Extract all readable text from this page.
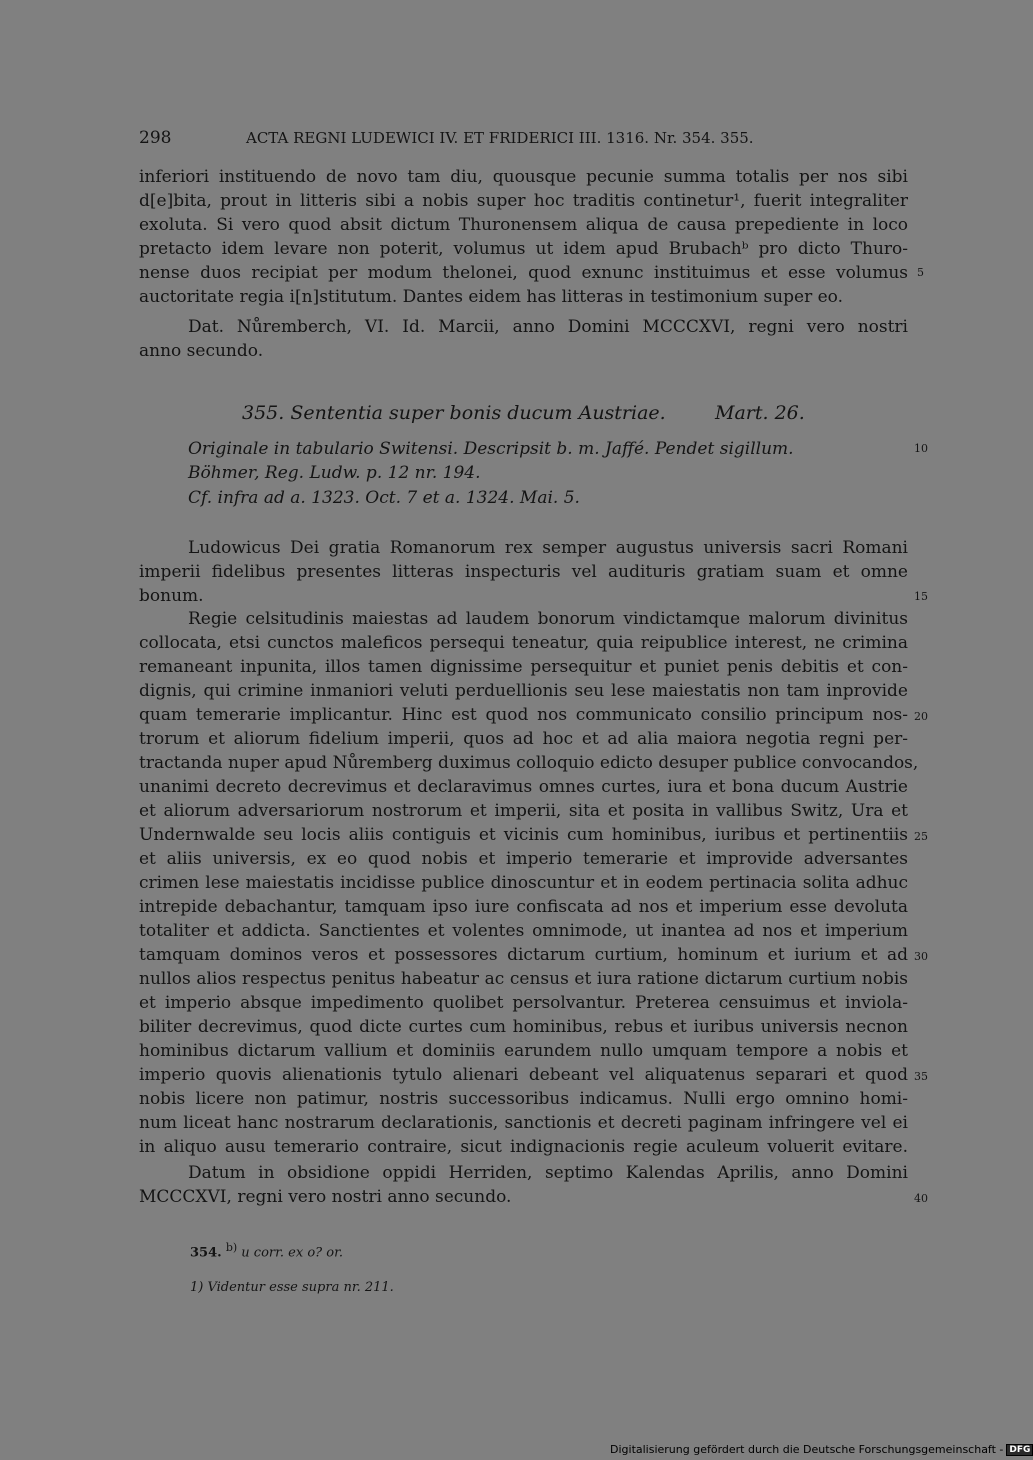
298	ACTA REGNI LUDEWICI IV. ET FRIDERICI III. 1316. Nr. 354. 355.
inferiori instituendo de novo tam diu, quousque pecunie summa totalis per nos sibi
d[e]bita, prout in litteris sibi a nobis super hoc traditis continetur¹, fuerit integraliter
exoluta. Si vero quod absit dictum Thuronensem aliqua de causa prepediente in loco
pretacto idem levare non poterit, volumus ut idem apud Brubachᵇ pro dicto Thuro-
nense duos recipiat per modum thelonei, quod exnunc instituimus et esse volumus
auctoritate regia i[n]stitutum. Dantes eidem has litteras in testimonium super eo.
Dat. Nůremberch, VI. Id. Marcii, anno Domini MCCCXVI, regni vero nostri
anno secundo.
355. Sententia super bonis ducum Austriae.	Mart. 26.
Originale in tabulario Switensi. Descripsit b. m. Jaffé. Pendet sigillum.
Böhmer, Reg. Ludw. p. 12 nr. 194.
Cf. infra ad a. 1323. Oct. 7 et a. 1324. Mai. 5.
Ludowicus Dei gratia Romanorum rex semper augustus universis sacri Romani
imperii fidelibus presentes litteras inspecturis vel audituris gratiam suam et omne
bonum.
Regie celsitudinis maiestas ad laudem bonorum vindictamque malorum divinitus
collocata, etsi cunctos maleficos persequi teneatur, quia reipublice interest, ne crimina
remaneant inpunita, illos tamen dignissime persequitur et puniet penis debitis et con-
dignis, qui crimine inmaniori veluti perduellionis seu lese maiestatis non tam inprovide
quam temerarie implicantur. Hinc est quod nos communicato consilio principum nos-
trorum et aliorum fidelium imperii, quos ad hoc et ad alia maiora negotia regni per-
tractanda nuper apud Nůremberg duximus colloquio edicto desuper publice convocandos,
unanimi decreto decrevimus et declaravimus omnes curtes, iura et bona ducum Austrie
et aliorum adversariorum nostrorum et imperii, sita et posita in vallibus Switz, Ura et
Undernwalde seu locis aliis contiguis et vicinis cum hominibus, iuribus et pertinentiis
et aliis universis, ex eo quod nobis et imperio temerarie et improvide adversantes
crimen lese maiestatis incidisse publice dinoscuntur et in eodem pertinacia solita adhuc
intrepide debachantur, tamquam ipso iure confiscata ad nos et imperium esse devoluta
totaliter et addicta. Sanctientes et volentes omnimode, ut inantea ad nos et imperium
tamquam dominos veros et possessores dictarum curtium, hominum et iurium et ad
nullos alios respectus penitus habeatur ac census et iura ratione dictarum curtium nobis
et imperio absque impedimento quolibet persolvantur. Preterea censuimus et inviola-
biliter decrevimus, quod dicte curtes cum hominibus, rebus et iuribus universis necnon
hominibus dictarum vallium et dominiis earundem nullo umquam tempore a nobis et
imperio quovis alienationis tytulo alienari debeant vel aliquatenus separari et quod
nobis licere non patimur, nostris successoribus indicamus. Nulli ergo omnino homi-
num liceat hanc nostrarum declarationis, sanctionis et decreti paginam infringere vel ei
in aliquo ausu temerario contraire, sicut indignacionis regie aculeum voluerit evitare.
Datum in obsidione oppidi Herriden, septimo Kalendas Aprilis, anno Domini
MCCCXVI, regni vero nostri anno secundo.
5
10
15
20
25
30
35
40
354. $^{b)}$ u corr. ex o? or.
1) Videntur esse supra nr. 211.
Digitalisierung gefördert durch die Deutsche Forschungsgemeinschaft - DFG
